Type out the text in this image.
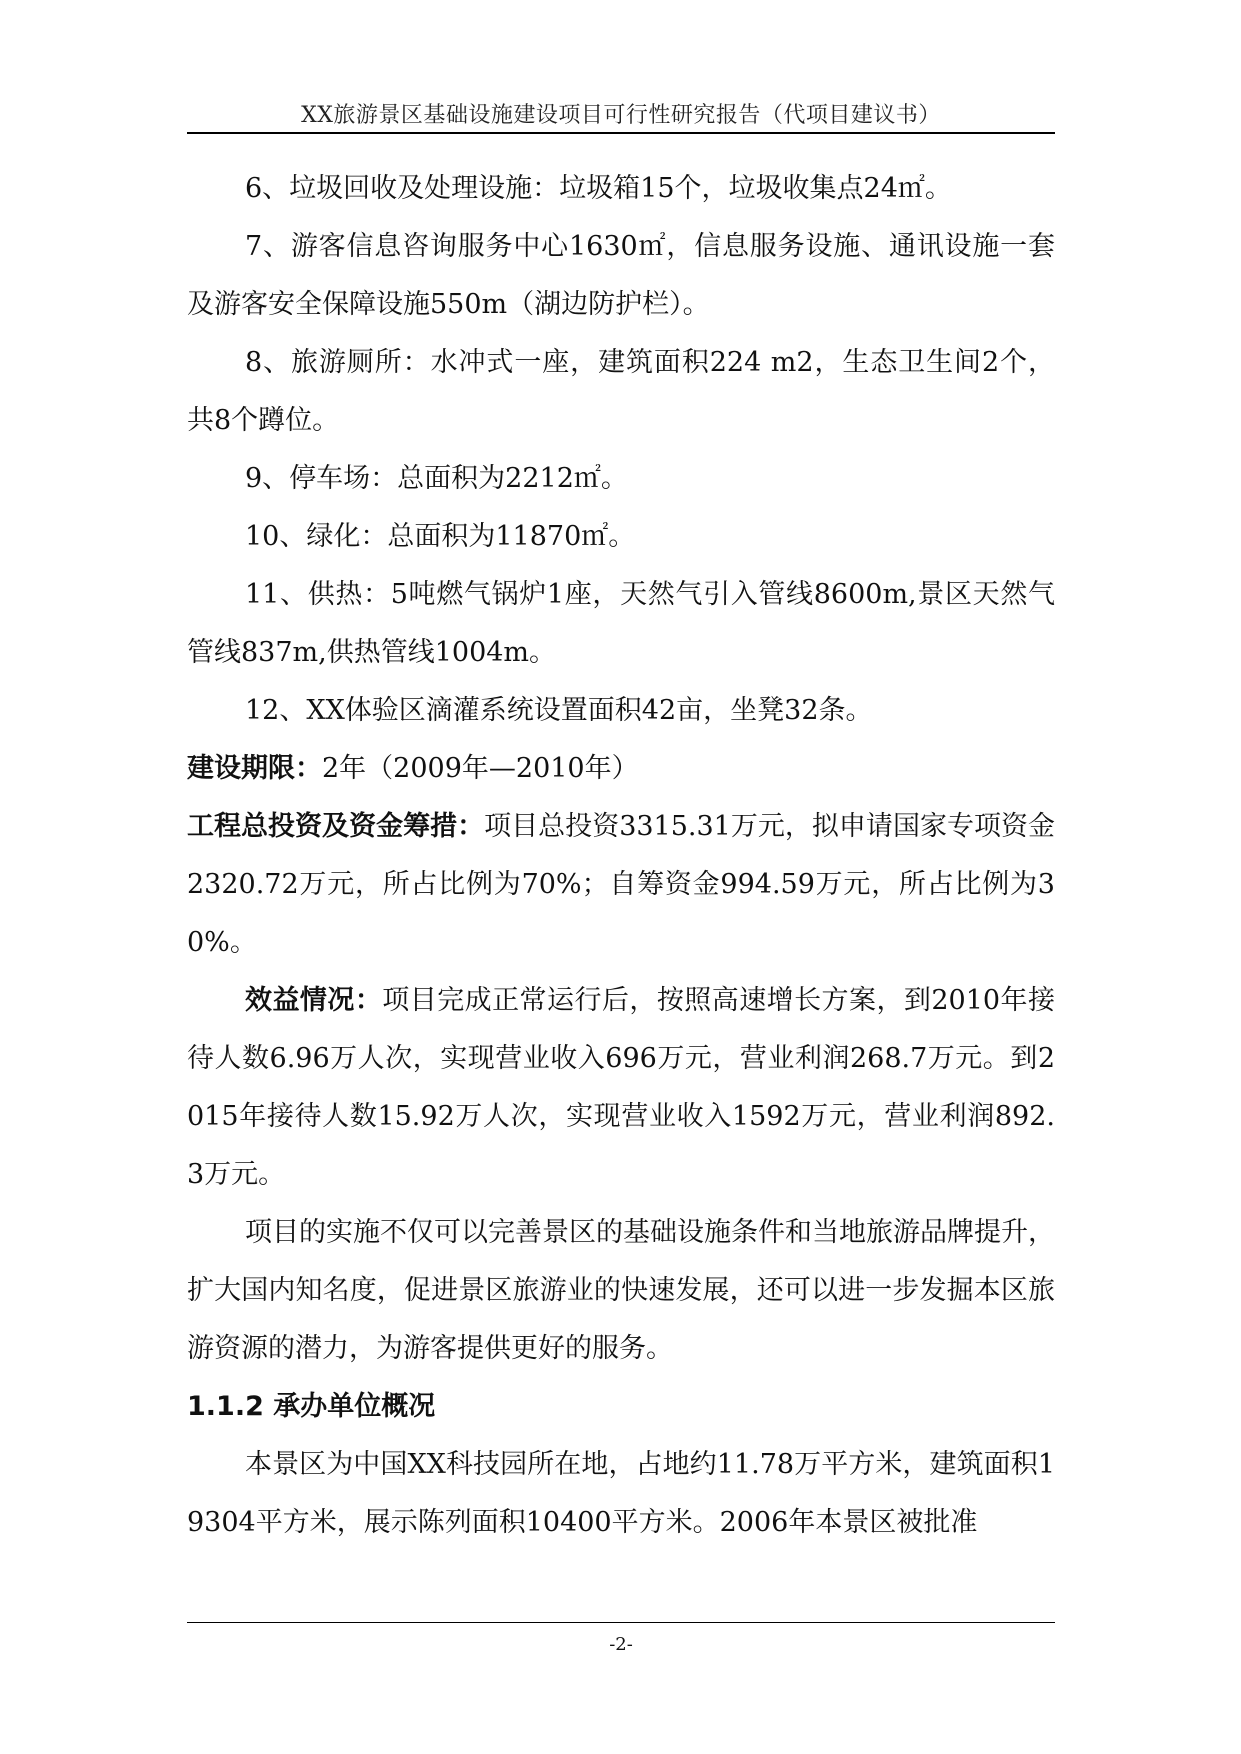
XX旅游景区基础设施建设项目可行性研究报告（代项目建议书）

6、垃圾回收及处理设施：垃圾箱15个，垃圾收集点24㎡。

7、游客信息咨询服务中心1630㎡，信息服务设施、通讯设施一套及游客安全保障设施550m（湖边防护栏）。

8、旅游厕所：水冲式一座，建筑面积224 m2，生态卫生间2个，共8个蹲位。

9、停车场：总面积为2212㎡。

10、绿化：总面积为11870㎡。

11、供热：5吨燃气锅炉1座，天然气引入管线8600m,景区天然气管线837m,供热管线1004m。

12、XX体验区滴灌系统设置面积42亩，坐凳32条。

建设期限：2年（2009年—2010年）

工程总投资及资金筹措：项目总投资3315.31万元，拟申请国家专项资金2320.72万元，所占比例为70%；自筹资金994.59万元，所占比例为30%。

效益情况：项目完成正常运行后，按照高速增长方案，到2010年接待人数6.96万人次，实现营业收入696万元，营业利润268.7万元。到2015年接待人数15.92万人次，实现营业收入1592万元，营业利润892.3万元。

项目的实施不仅可以完善景区的基础设施条件和当地旅游品牌提升，扩大国内知名度，促进景区旅游业的快速发展，还可以进一步发掘本区旅游资源的潜力，为游客提供更好的服务。

1.1.2 承办单位概况

本景区为中国XX科技园所在地，占地约11.78万平方米，建筑面积19304平方米，展示陈列面积10400平方米。2006年本景区被批准

-2-
